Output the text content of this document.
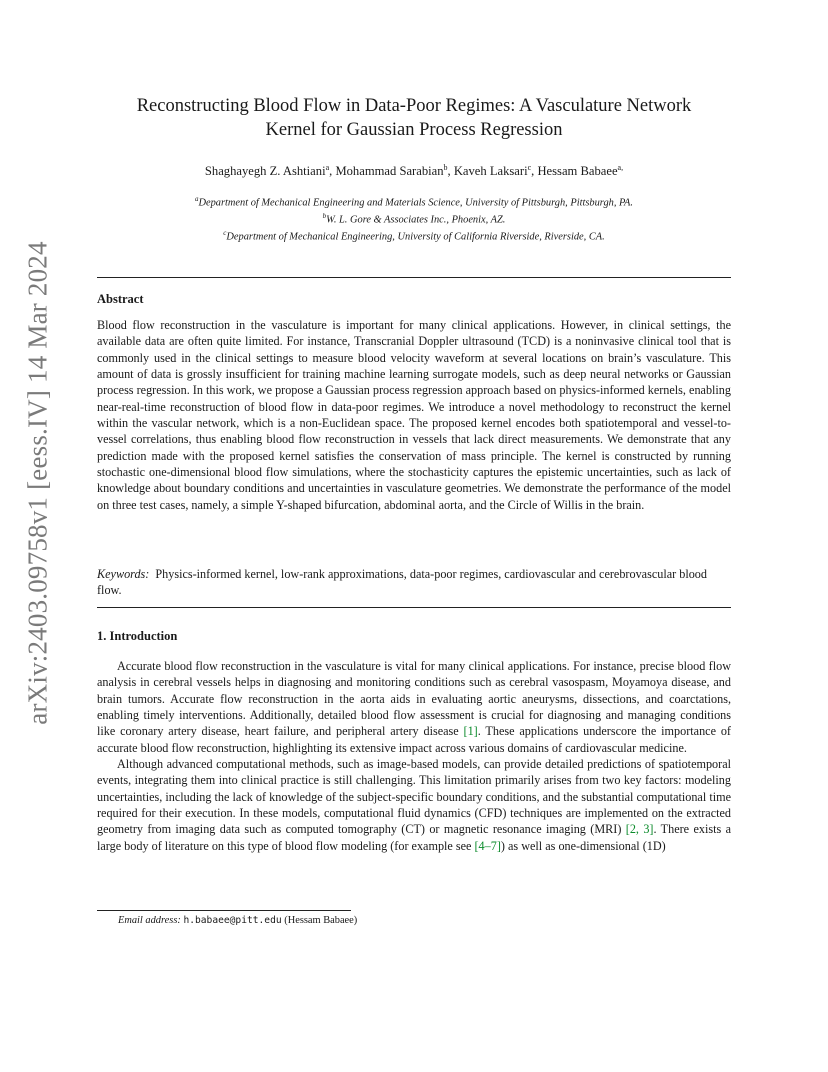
arXiv:2403.09758v1 [eess.IV] 14 Mar 2024
Reconstructing Blood Flow in Data-Poor Regimes: A Vasculature Network
Kernel for Gaussian Process Regression
Shaghayegh Z. Ashtiani$^a$, Mohammad Sarabian$^b$, Kaveh Laksari$^c$, Hessam Babaee$^{a,}$
$^a$Department of Mechanical Engineering and Materials Science, University of Pittsburgh, Pittsburgh, PA.
$^b$W. L. Gore & Associates Inc., Phoenix, AZ.
$^c$Department of Mechanical Engineering, University of California Riverside, Riverside, CA.
Abstract
Blood flow reconstruction in the vasculature is important for many clinical applications. However, in clinical settings, the available data are often quite limited. For instance, Transcranial Doppler ultrasound (TCD) is a noninvasive clinical tool that is commonly used in the clinical settings to measure blood velocity waveform at several locations on brain’s vasculature. This amount of data is grossly insufficient for training machine learning surrogate models, such as deep neural networks or Gaussian process regression. In this work, we propose a Gaussian process regression approach based on physics-informed kernels, enabling near-real-time reconstruction of blood flow in data-poor regimes. We introduce a novel methodology to reconstruct the kernel within the vascular network, which is a non-Euclidean space. The proposed kernel encodes both spatiotemporal and vessel-to-vessel correlations, thus enabling blood flow reconstruction in vessels that lack direct measurements. We demonstrate that any prediction made with the proposed kernel satisfies the conservation of mass principle. The kernel is constructed by running stochastic one-dimensional blood flow simulations, where the stochasticity captures the epistemic uncertainties, such as lack of knowledge about boundary conditions and uncertainties in vasculature geometries. We demonstrate the performance of the model on three test cases, namely, a simple Y-shaped bifurcation, abdominal aorta, and the Circle of Willis in the brain.
Keywords: Physics-informed kernel, low-rank approximations, data-poor regimes, cardiovascular and cerebrovascular blood flow.
1. Introduction

Accurate blood flow reconstruction in the vasculature is vital for many clinical applications. For instance, precise blood flow analysis in cerebral vessels helps in diagnosing and monitoring conditions such as cerebral vasospasm, Moyamoya disease, and brain tumors. Accurate flow reconstruction in the aorta aids in evaluating aortic aneurysms, dissections, and coarctations, enabling timely interventions. Additionally, detailed blood flow assessment is crucial for diagnosing and managing conditions like coronary artery disease, heart failure, and peripheral artery disease [1]. These applications underscore the importance of accurate blood flow reconstruction, highlighting its extensive impact across various domains of cardiovascular medicine.

Although advanced computational methods, such as image-based models, can provide detailed predictions of spatiotemporal events, integrating them into clinical practice is still challenging. This limitation primarily arises from two key factors: modeling uncertainties, including the lack of knowledge of the subject-specific boundary conditions, and the substantial computational time required for their execution. In these models, computational fluid dynamics (CFD) techniques are implemented on the extracted geometry from imaging data such as computed tomography (CT) or magnetic resonance imaging (MRI) [2, 3]. There exists a large body of literature on this type of blood flow modeling (for example see [4–7]) as well as one-dimensional (1D)

Email address: h.babaee@pitt.edu (Hessam Babaee)
